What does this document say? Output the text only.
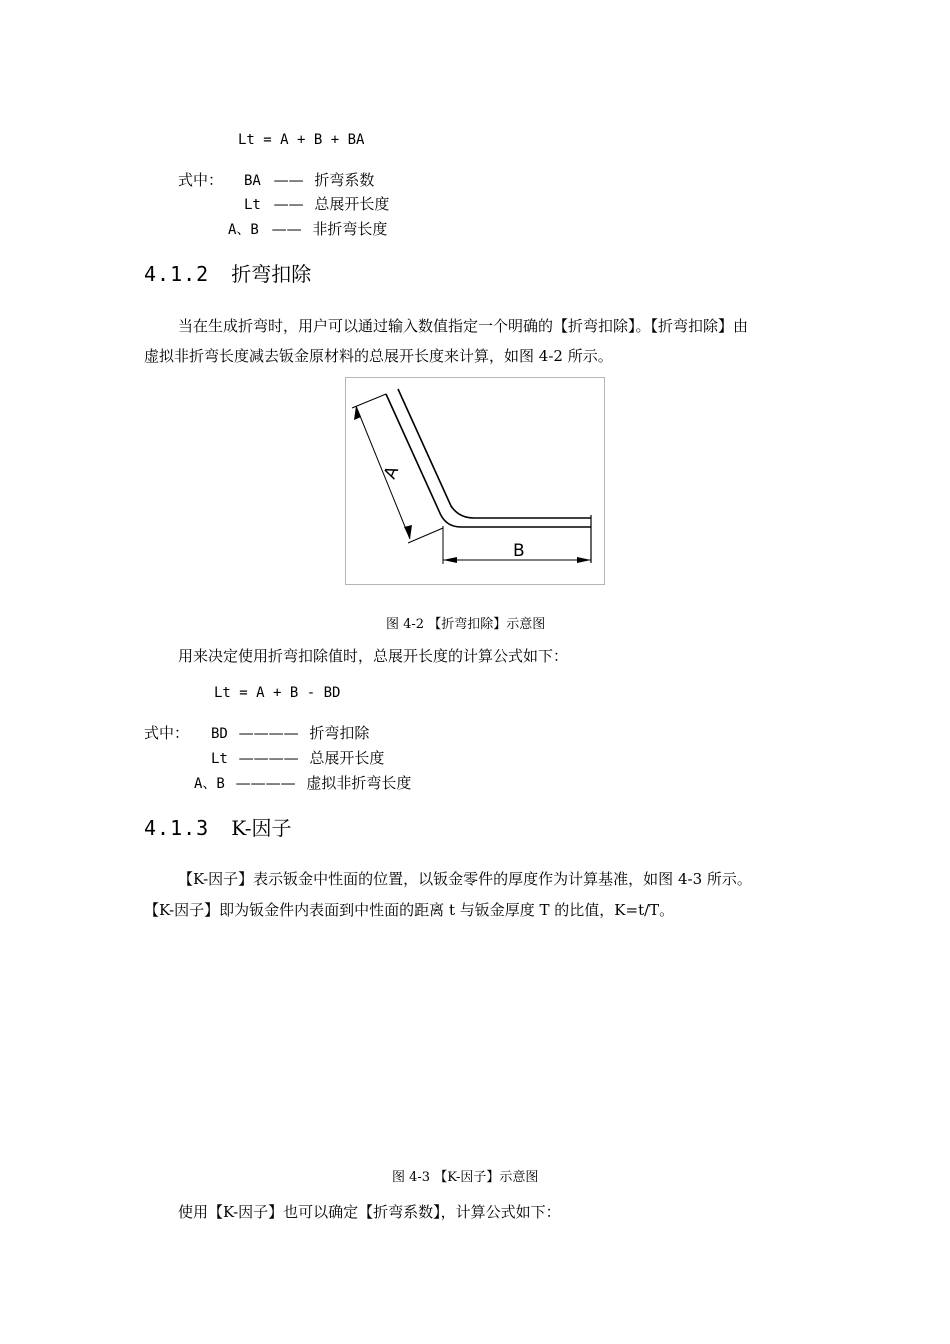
Lt = A + B + BA
式中： BA —— 折弯系数
Lt —— 总展开长度
A、B —— 非折弯长度
4.1.2 折弯扣除
当在生成折弯时，用户可以通过输入数值指定一个明确的【折弯扣除】。【折弯扣除】由
虚拟非折弯长度减去钣金原材料的总展开长度来计算，如图 4-2 所示。
A
B
图 4-2 【折弯扣除】示意图
用来决定使用折弯扣除值时，总展开长度的计算公式如下：
Lt = A + B - BD
式中： BD ———— 折弯扣除
Lt ———— 总展开长度
A、B ———— 虚拟非折弯长度
4.1.3 K-因子
【K-因子】表示钣金中性面的位置，以钣金零件的厚度作为计算基准，如图 4-3 所示。
【K-因子】即为钣金件内表面到中性面的距离 t 与钣金厚度 T 的比值，K=t/T。
图 4-3 【K-因子】示意图
使用【K-因子】也可以确定【折弯系数】，计算公式如下：
